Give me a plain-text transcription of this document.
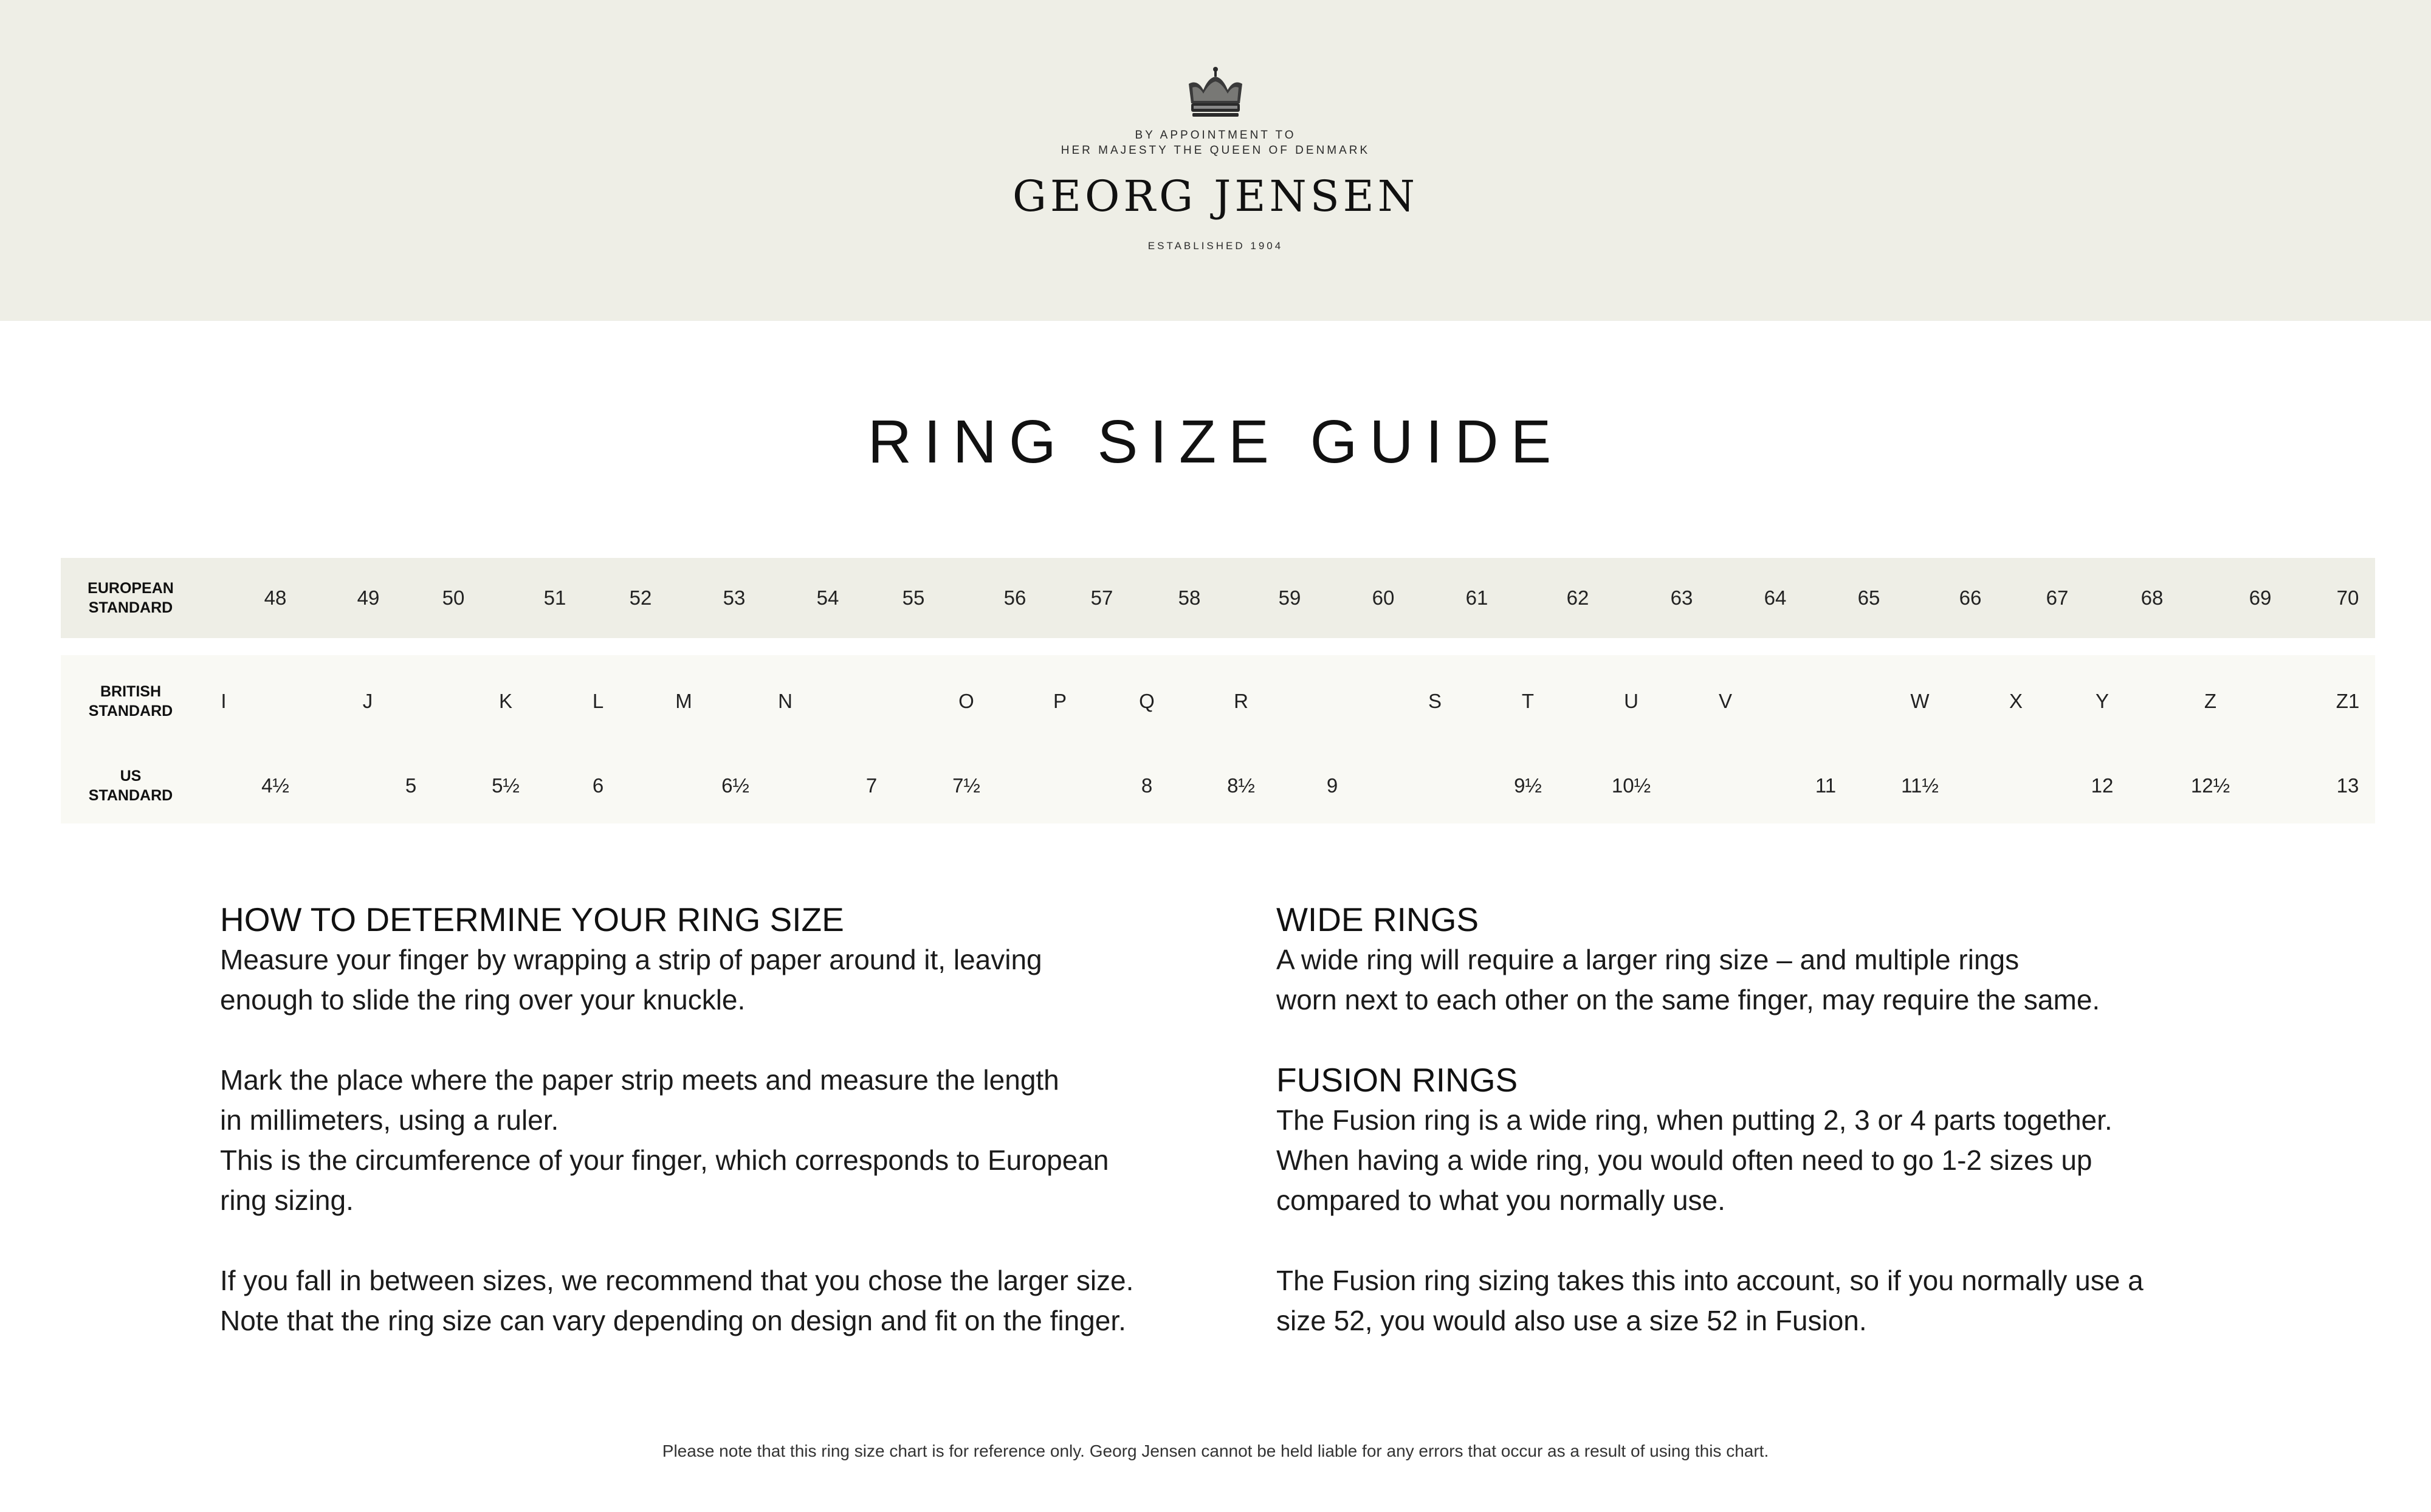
BY APPOINTMENT TO
HER MAJESTY THE QUEEN OF DENMARK
GEORG JENSEN
ESTABLISHED 1904
RING SIZE GUIDE
EUROPEAN
STANDARD	48	49	50	51	52	53	54	55	56	57	58	59	60	61	62	63	64	65	66	67	68	69	70
BRITISH
STANDARD	I	J	K	L	M	N	O	P	Q	R	S	T	U	V	W	X	Y	Z	Z1
US
STANDARD	4½	5	5½	6	6½	7	7½	8	8½	9	9½	10½	11	11½	12	12½	13

HOW TO DETERMINE YOUR RING SIZE

Measure your finger by wrapping a strip of paper around it, leaving

enough to slide the ring over your knuckle.

Mark the place where the paper strip meets and measure the length

in millimeters, using a ruler.

This is the circumference of your finger, which corresponds to European

ring sizing.

If you fall in between sizes, we recommend that you chose the larger size.

Note that the ring size can vary depending on design and fit on the finger.

WIDE RINGS

A wide ring will require a larger ring size – and multiple rings

worn next to each other on the same finger, may require the same.

FUSION RINGS

The Fusion ring is a wide ring, when putting 2, 3 or 4 parts together.

When having a wide ring, you would often need to go 1-2 sizes up

compared to what you normally use.

The Fusion ring sizing takes this into account, so if you normally use a

size 52, you would also use a size 52 in Fusion.

Please note that this ring size chart is for reference only. Georg Jensen cannot be held liable for any errors that occur as a result of using this chart.
